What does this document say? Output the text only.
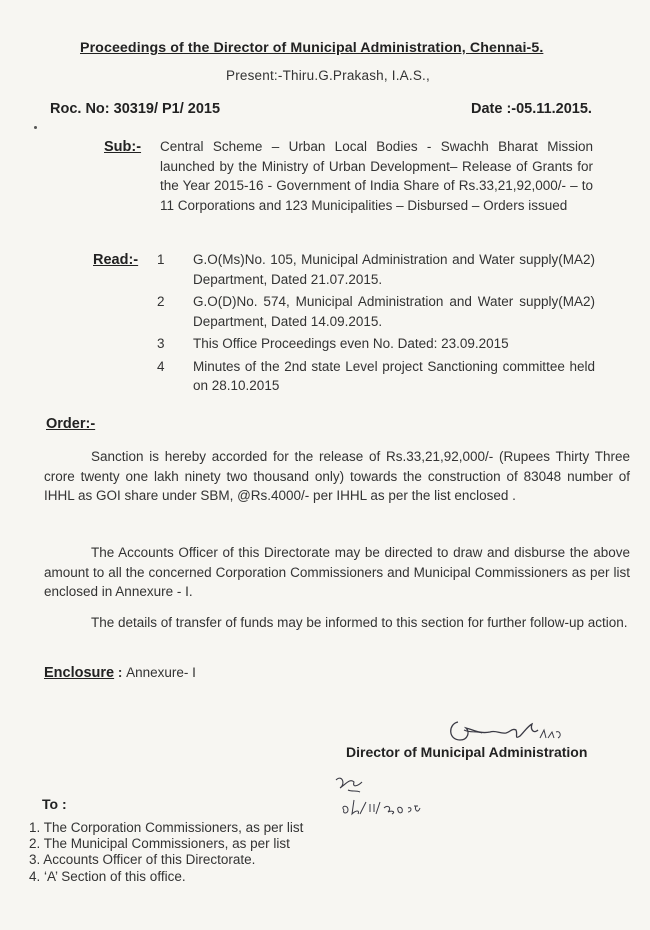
Proceedings of the Director of Municipal Administration, Chennai-5.
Present:-Thiru.G.Prakash, I.A.S.,
Roc. No: 30319/ P1/ 2015	Date :-05.11.2015.
Sub:- Central Scheme – Urban Local Bodies - Swachh Bharat Mission launched by the Ministry of Urban Development– Release of Grants for the Year 2015-16 - Government of India Share of Rs.33,21,92,000/- – to 11 Corporations and 123 Municipalities – Disbursed – Orders issued
Read:- 1	G.O(Ms)No. 105, Municipal Administration and Water supply(MA2) Department, Dated 21.07.2015.
2	G.O(D)No. 574, Municipal Administration and Water supply(MA2) Department, Dated 14.09.2015.
3	This Office Proceedings even No. Dated: 23.09.2015
4	Minutes of the 2nd state Level project Sanctioning committee held on 28.10.2015
Order:-
Sanction is hereby accorded for the release of Rs.33,21,92,000/- (Rupees Thirty Three crore twenty one lakh ninety two thousand only) towards the construction of 83048 number of IHHL as GOI share under SBM, @Rs.4000/- per IHHL as per the list enclosed .
The Accounts Officer of this Directorate may be directed to draw and disburse the above amount to all the concerned Corporation Commissioners and Municipal Commissioners as per list enclosed in Annexure - I.
The details of transfer of funds may be informed to this section for further follow-up action.
Enclosure : Annexure- I
Director of Municipal Administration
To :
1. The Corporation Commissioners, as per list
2. The Municipal Commissioners, as per list
3. Accounts Officer of this Directorate.
4. ‘A’ Section of this office.
